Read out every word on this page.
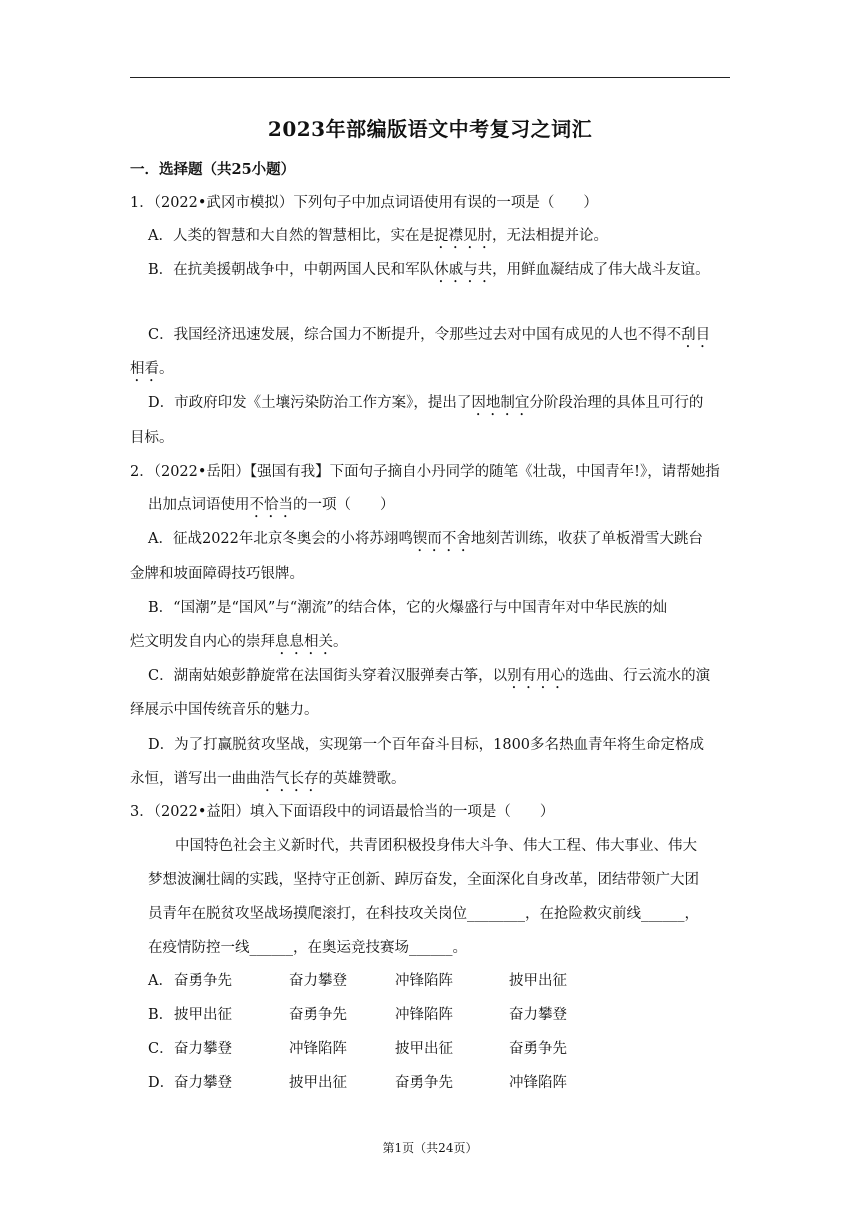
2023年部编版语文中考复习之词汇
一．选择题（共25小题）
1．（2022•武冈市模拟）下列句子中加点词语使用有误的一项是（　　）
A．人类的智慧和大自然的智慧相比，实在是捉襟见肘，无法相提并论。
B．在抗美援朝战争中，中朝两国人民和军队休戚与共，用鲜血凝结成了伟大战斗友谊。
C．我国经济迅速发展，综合国力不断提升，令那些过去对中国有成见的人也不得不刮目
相看。
D．市政府印发《土壤污染防治工作方案》，提出了因地制宜分阶段治理的具体且可行的
目标。
2．（2022•岳阳）【强国有我】下面句子摘自小丹同学的随笔《壮哉，中国青年!》，请帮她指
出加点词语使用不恰当的一项（　　）
A．征战2022年北京冬奥会的小将苏翊鸣锲而不舍地刻苦训练，收获了单板滑雪大跳台
金牌和坡面障碍技巧银牌。
B．“国潮”是“国风”与“潮流”的结合体，它的火爆盛行与中国青年对中华民族的灿
烂文明发自内心的崇拜息息相关。
C．湖南姑娘彭静旋常在法国街头穿着汉服弹奏古筝，以别有用心的选曲、行云流水的演
绎展示中国传统音乐的魅力。
D．为了打赢脱贫攻坚战，实现第一个百年奋斗目标，1800多名热血青年将生命定格成
永恒，谱写出一曲曲浩气长存的英雄赞歌。
3．（2022•益阳）填入下面语段中的词语最恰当的一项是（　　）
中国特色社会主义新时代，共青团积极投身伟大斗争、伟大工程、伟大事业、伟大
梦想波澜壮阔的实践，坚持守正创新、踔厉奋发，全面深化自身改革，团结带领广大团
员青年在脱贫攻坚战场摸爬滚打，在科技攻关岗位________，在抢险救灾前线______，
在疫情防控一线______，在奥运竞技赛场______。
A． 奋勇争先	奋力攀登	冲锋陷阵	披甲出征
B． 披甲出征	奋勇争先	冲锋陷阵	奋力攀登
C． 奋力攀登	冲锋陷阵	披甲出征	奋勇争先
D． 奋力攀登	披甲出征	奋勇争先	冲锋陷阵
第1页（共24页）
